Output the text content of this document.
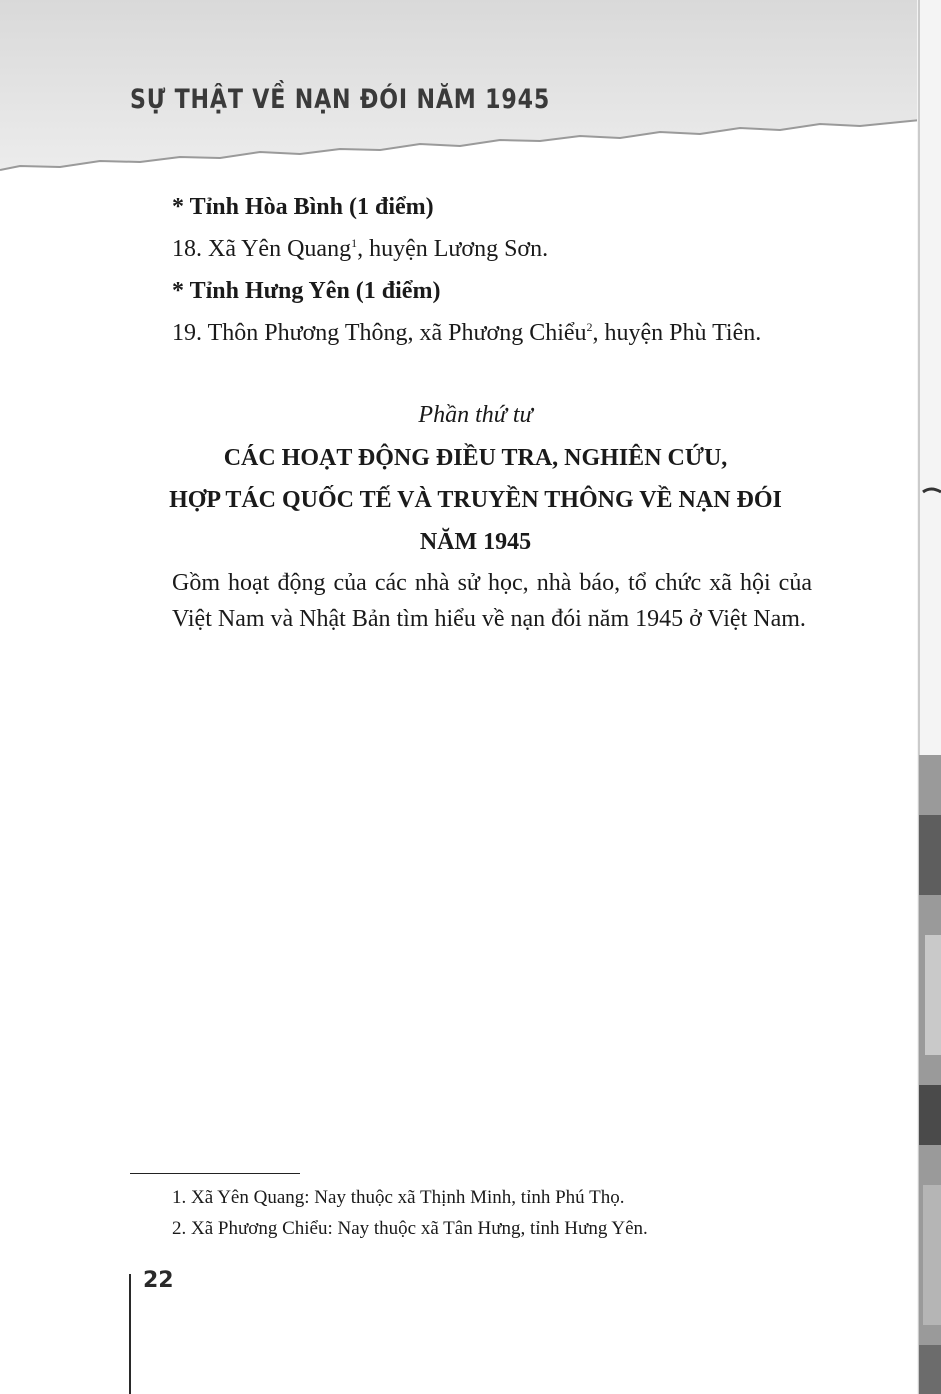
SỰ THẬT VỀ NẠN ĐÓI NĂM 1945
* Tỉnh Hòa Bình (1 điểm)
18. Xã Yên Quang$^1$, huyện Lương Sơn.
* Tỉnh Hưng Yên (1 điểm)
19. Thôn Phương Thông, xã Phương Chiểu$^2$, huyện Phù Tiên.
Phần thứ tư
CÁC HOẠT ĐỘNG ĐIỀU TRA, NGHIÊN CỨU,
HỢP TÁC QUỐC TẾ VÀ TRUYỀN THÔNG VỀ NẠN ĐÓI
NĂM 1945
Gồm hoạt động của các nhà sử học, nhà báo, tổ chức xã hội của Việt Nam và Nhật Bản tìm hiểu về nạn đói năm 1945 ở Việt Nam.
1. Xã Yên Quang: Nay thuộc xã Thịnh Minh, tỉnh Phú Thọ.
2. Xã Phương Chiểu: Nay thuộc xã Tân Hưng, tỉnh Hưng Yên.
22
